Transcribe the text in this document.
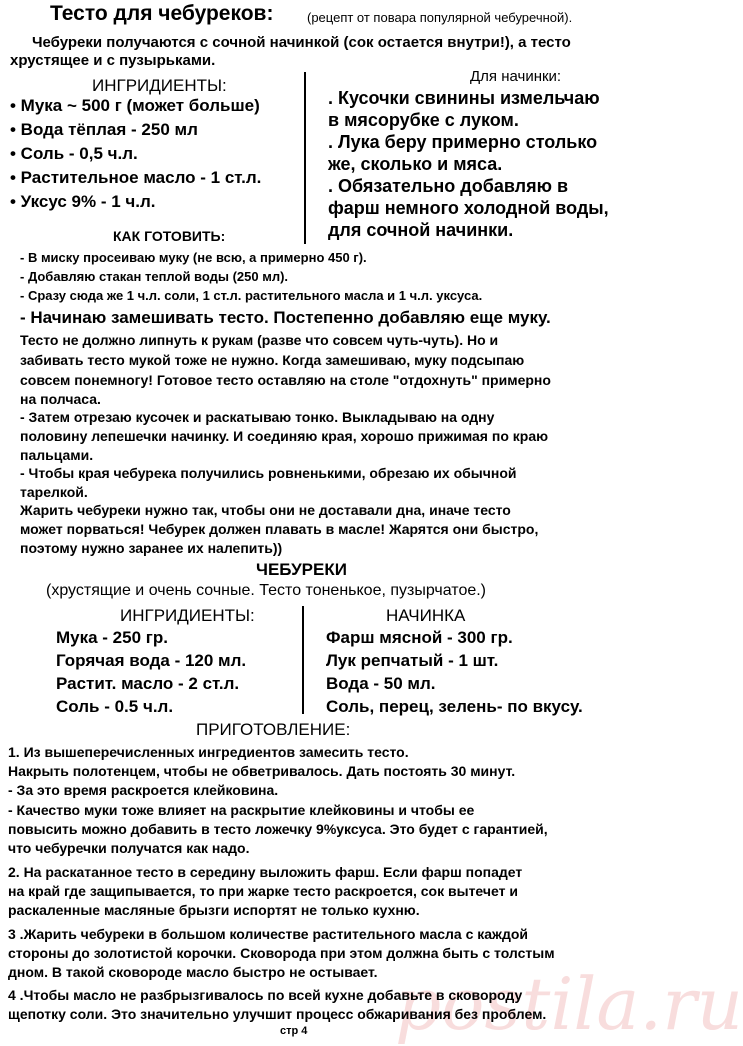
postila.ru
Тесто для чебуреков:	(рецепт от повара популярной чебуречной).
Чебуреки получаются с сочной начинкой (сок остается внутри!), а тесто
хрустящее и с пузырьками.
ИНГРИДИЕНТЫ:
• Мука ~ 500 г (может больше)
• Вода тёплая - 250 мл
• Соль - 0,5 ч.л.
• Растительное масло - 1 ст.л.
• Уксус 9% - 1 ч.л.
Для начинки:
. Кусочки свинины измельчаю
в мясорубке с луком.
. Лука беру примерно столько
же, сколько и мяса.
. Обязательно добавляю в
фарш немного холодной воды,
для сочной начинки.
КАК ГОТОВИТЬ:
- В миску просеиваю муку (не всю, а примерно 450 г).
- Добавляю стакан теплой воды (250 мл).
- Сразу сюда же 1 ч.л. соли, 1 ст.л. растительного масла и 1 ч.л. уксуса.
- Начинаю замешивать тесто. Постепенно добавляю еще муку.
Тесто не должно липнуть к рукам (разве что совсем чуть-чуть). Но и
забивать тесто мукой тоже не нужно. Когда замешиваю, муку подсыпаю
совсем понемногу! Готовое тесто оставляю на столе "отдохнуть" примерно
на полчаса.
- Затем отрезаю кусочек и раскатываю тонко. Выкладываю на одну
половину лепешечки начинку. И соединяю края, хорошо прижимая по краю
пальцами.
- Чтобы края чебурека получились ровненькими, обрезаю их обычной
тарелкой.
Жарить чебуреки нужно так, чтобы они не доставали дна, иначе тесто
может порваться! Чебурек должен плавать в масле! Жарятся они быстро,
поэтому нужно заранее их налепить))
ЧЕБУРЕКИ
(хрустящие и очень сочные. Тесто тоненькое, пузырчатое.)
ИНГРИДИЕНТЫ:	НАЧИНКА
Мука - 250 гр.
Горячая вода - 120 мл.
Растит. масло - 2 ст.л.
Соль - 0.5 ч.л.
Фарш мясной - 300 гр.
Лук репчатый - 1 шт.
Вода - 50 мл.
Соль, перец, зелень- по вкусу.
ПРИГОТОВЛЕНИЕ:
1. Из вышеперечисленных ингредиентов замесить тесто.
Накрыть полотенцем, чтобы не обветривалось. Дать постоять 30 минут.
- За это время раскроется клейковина.
- Качество муки тоже влияет на раскрытие клейковины и чтобы ее
повысить можно добавить в тесто ложечку 9%уксуса. Это будет с гарантией,
что чебуречки получатся как надо.
2. На раскатанное тесто в середину выложить фарш. Если фарш попадет
на край где защипывается, то при жарке тесто раскроется, сок вытечет и
раскаленные масляные брызги испортят не только кухню.
3 .Жарить чебуреки в большом количестве растительного масла с каждой
стороны до золотистой корочки. Сковорода при этом должна быть с толстым
дном. В такой сковороде масло быстро не остывает.
4 .Чтобы масло не разбрызгивалось по всей кухне добавьте в сковороду
щепотку соли. Это значительно улучшит процесс обжаривания без проблем.
стр 4
